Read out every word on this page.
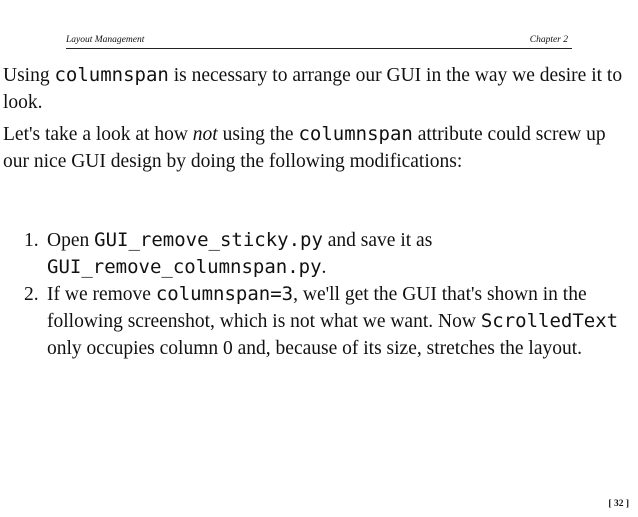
Layout Management	Chapter 2
Using columnspan is necessary to arrange our GUI in the way we desire it to look.
Let's take a look at how not using the columnspan attribute could screw up our nice GUI design by doing the following modifications:
1. Open GUI_remove_sticky.py and save it as GUI_remove_columnspan.py.
2. If we remove columnspan=3, we'll get the GUI that's shown in the following screenshot, which is not what we want. Now ScrolledText only occupies column 0 and, because of its size, stretches the layout.
[ 32 ]
